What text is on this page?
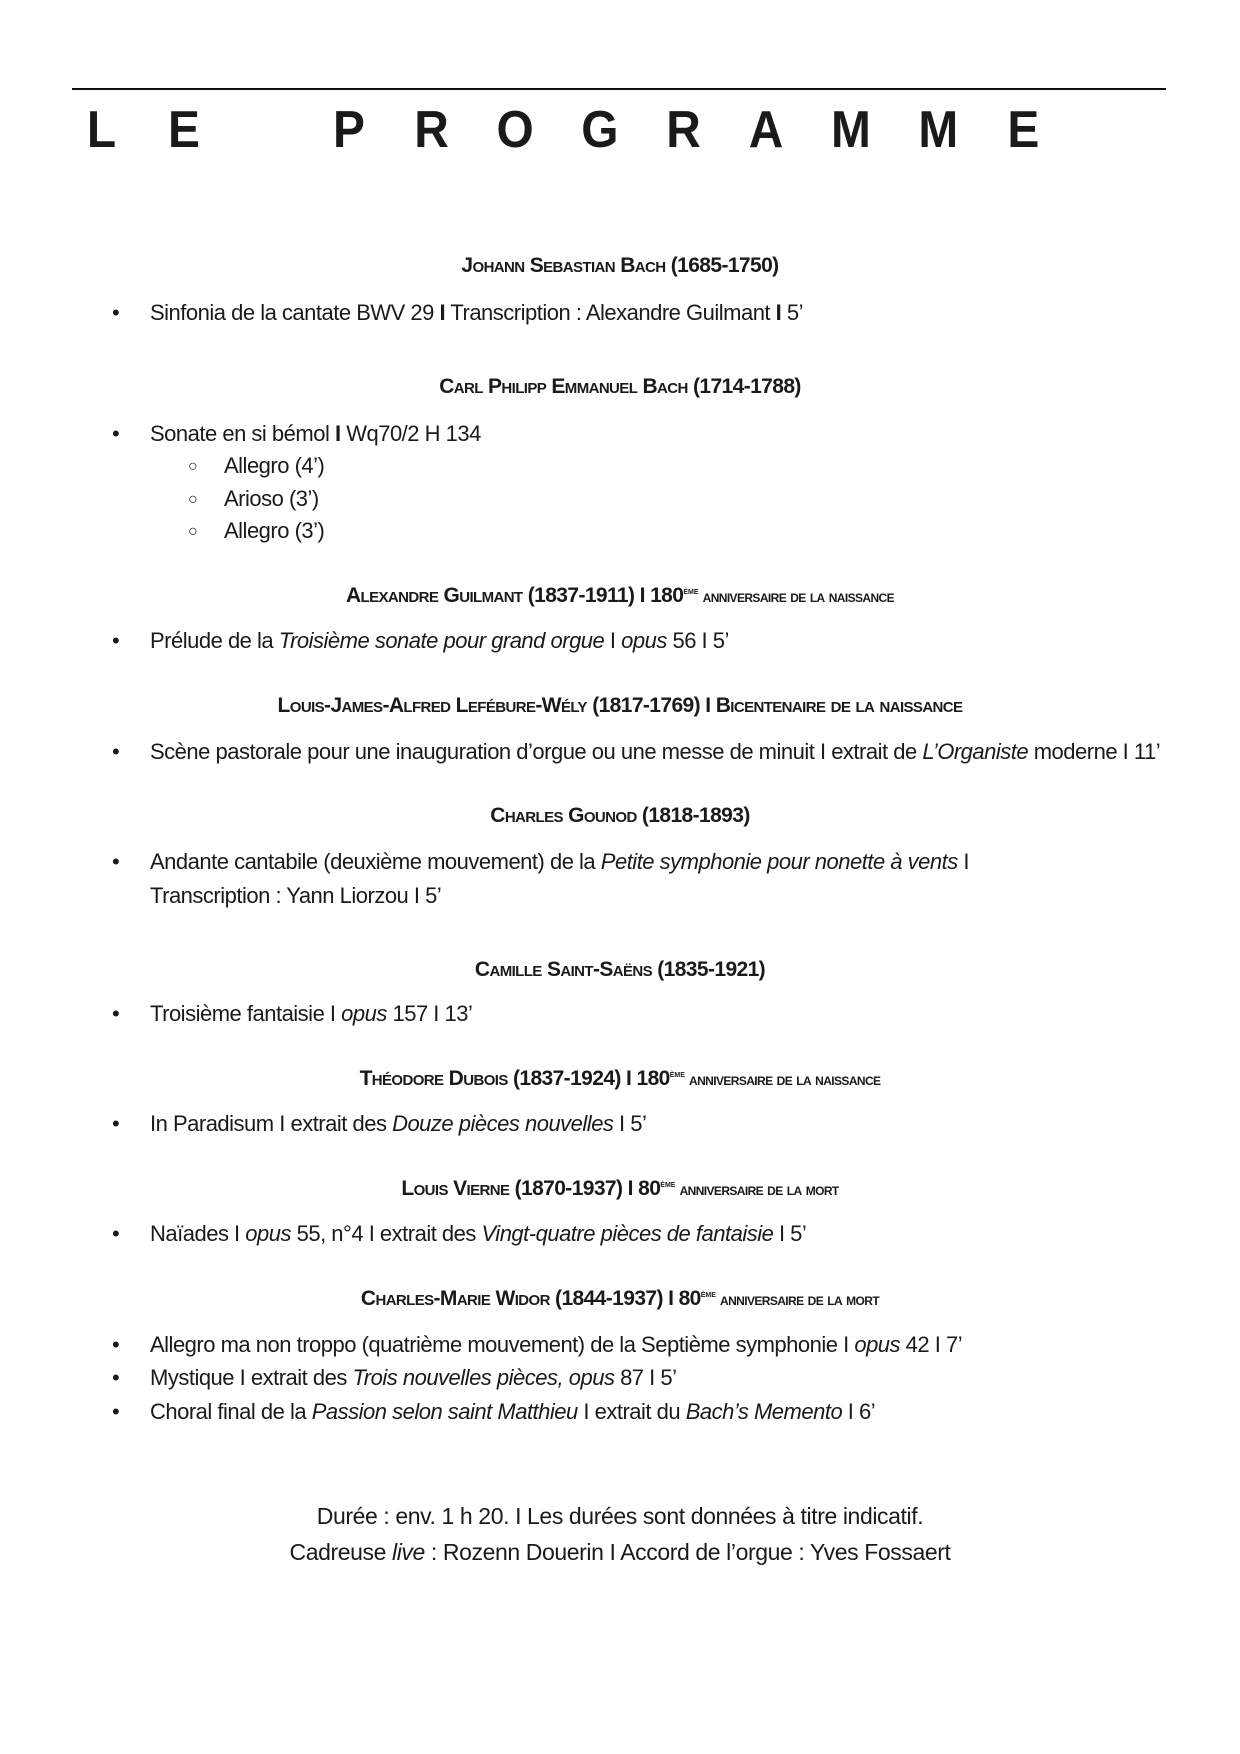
L E	P R O G R A M M E
Johann Sebastian Bach (1685-1750)
• Sinfonia de la cantate BWV 29 I Transcription : Alexandre Guilmant I 5’
Carl Philipp Emmanuel Bach (1714-1788)
• Sonate en si bémol I Wq70/2 H 134
○ Allegro (4’)
○ Arioso (3’)
○ Allegro (3’)
Alexandre Guilmant (1837-1911) I 180ème anniversaire de la naissance
• Prélude de la Troisième sonate pour grand orgue I opus 56 I 5’
Louis-James-Alfred Lefébure-Wély (1817-1769) I Bicentenaire de la naissance
• Scène pastorale pour une inauguration d’orgue ou une messe de minuit I extrait de L’Organiste moderne I 11’
Charles Gounod (1818-1893)
• Andante cantabile (deuxième mouvement) de la Petite symphonie pour nonette à vents I
Transcription : Yann Liorzou I 5’
Camille Saint-Saëns (1835-1921)
• Troisième fantaisie I opus 157 I 13’
Théodore Dubois (1837-1924) I 180ème anniversaire de la naissance
• In Paradisum I extrait des Douze pièces nouvelles I 5’
Louis Vierne (1870-1937) I 80ème anniversaire de la mort
• Naïades I opus 55, n°4 I extrait des Vingt-quatre pièces de fantaisie I 5’
Charles-Marie Widor (1844-1937) I 80ème anniversaire de la mort
• Allegro ma non troppo (quatrième mouvement) de la Septième symphonie I opus 42 I 7’
• Mystique I extrait des Trois nouvelles pièces, opus 87 I 5’
• Choral final de la Passion selon saint Matthieu I extrait du Bach’s Memento I 6’
Durée : env. 1 h 20. I Les durées sont données à titre indicatif.
Cadreuse live : Rozenn Douerin I Accord de l’orgue : Yves Fossaert
